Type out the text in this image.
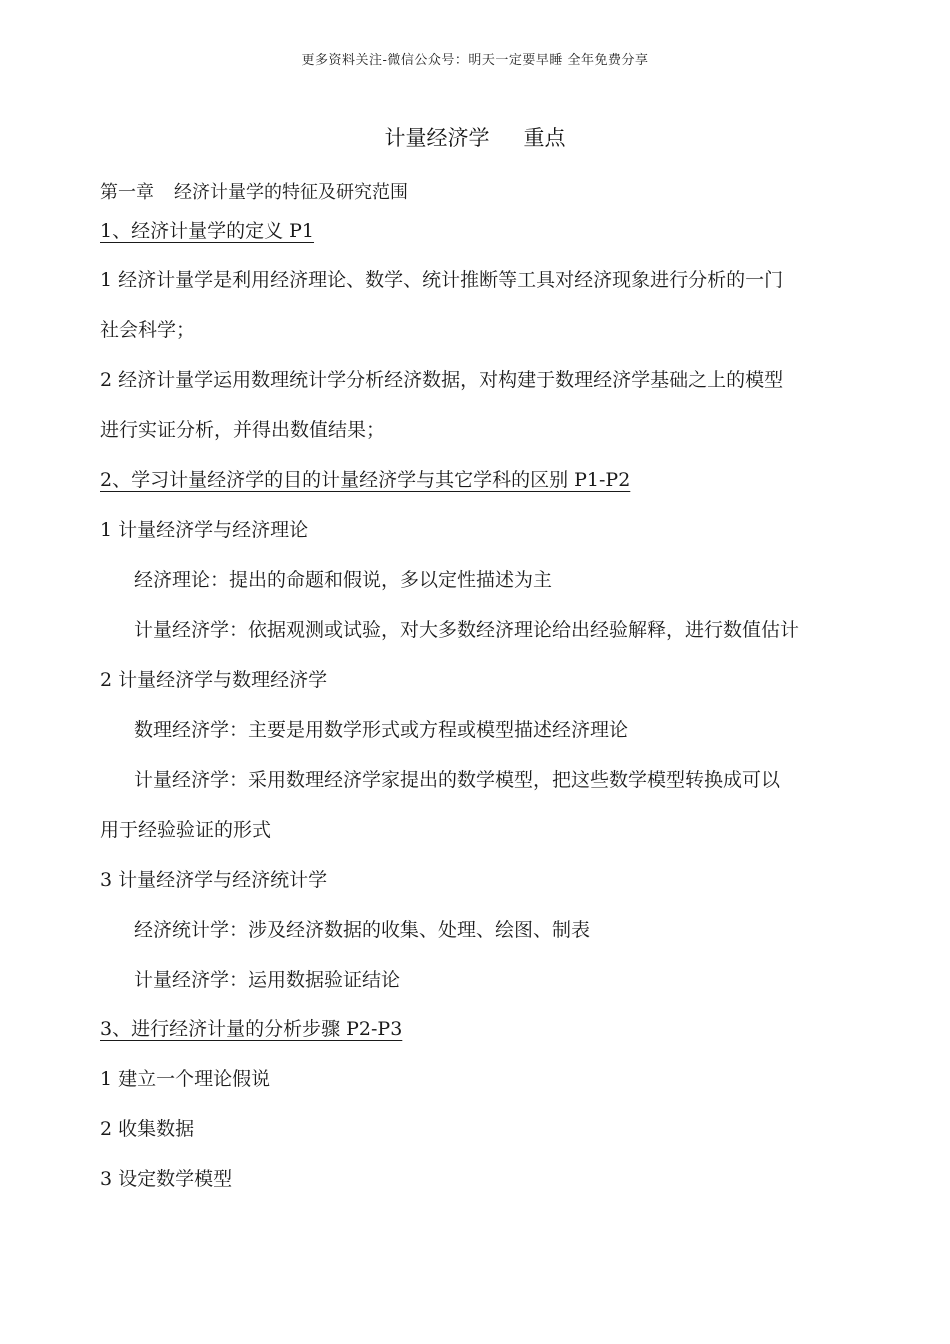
更多资料关注-微信公众号：明天一定要早睡 全年免费分享
计量经济学 重点
第一章 经济计量学的特征及研究范围
1、经济计量学的定义 P1
1 经济计量学是利用经济理论、数学、统计推断等工具对经济现象进行分析的一门
社会科学；
2 经济计量学运用数理统计学分析经济数据，对构建于数理经济学基础之上的模型
进行实证分析，并得出数值结果；
2、学习计量经济学的目的计量经济学与其它学科的区别 P1-P2
1 计量经济学与经济理论
经济理论：提出的命题和假说，多以定性描述为主
计量经济学：依据观测或试验，对大多数经济理论给出经验解释，进行数值估计
2 计量经济学与数理经济学
数理经济学：主要是用数学形式或方程或模型描述经济理论
计量经济学：采用数理经济学家提出的数学模型，把这些数学模型转换成可以
用于经验验证的形式
3 计量经济学与经济统计学
经济统计学：涉及经济数据的收集、处理、绘图、制表
计量经济学：运用数据验证结论
3、进行经济计量的分析步骤 P2-P3
1 建立一个理论假说
2 收集数据
3 设定数学模型
